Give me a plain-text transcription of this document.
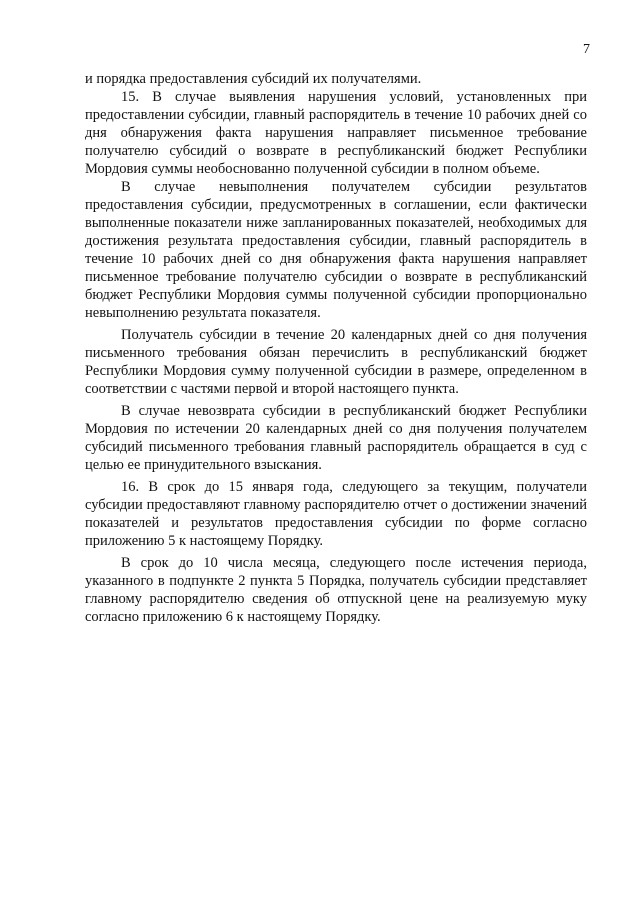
7

и порядка предоставления субсидий их получателями.

15. В случае выявления нарушения условий, установленных при предоставлении субсидии, главный распорядитель в течение 10 рабочих дней со дня обнаружения факта нарушения направляет письменное требование получателю субсидий о возврате в республиканский бюджет Республики Мордовия суммы необоснованно полученной субсидии в полном объеме.

В случае невыполнения получателем субсидии результатов предоставления субсидии, предусмотренных в соглашении, если фактически выполненные показатели ниже запланированных показателей, необходимых для достижения результата предоставления субсидии, главный распорядитель в течение 10 рабочих дней со дня обнаружения факта нарушения направляет письменное требование получателю субсидии о возврате в республиканский бюджет Республики Мордовия суммы полученной субсидии пропорционально невыполнению результата показателя.

Получатель субсидии в течение 20 календарных дней со дня получения письменного требования обязан перечислить в республиканский бюджет Республики Мордовия сумму полученной субсидии в размере, определенном в соответствии с частями первой и второй настоящего пункта.

В случае невозврата субсидии в республиканский бюджет Республики Мордовия по истечении 20 календарных дней со дня получения получателем субсидий письменного требования главный распорядитель обращается в суд с целью ее принудительного взыскания.

16. В срок до 15 января года, следующего за текущим, получатели субсидии предоставляют главному распорядителю отчет о достижении значений показателей и результатов предоставления субсидии по форме согласно приложению 5 к настоящему Порядку.

В срок до 10 числа месяца, следующего после истечения периода, указанного в подпункте 2 пункта 5 Порядка, получатель субсидии представляет главному распорядителю сведения об отпускной цене на реализуемую муку согласно приложению 6 к настоящему Порядку.
